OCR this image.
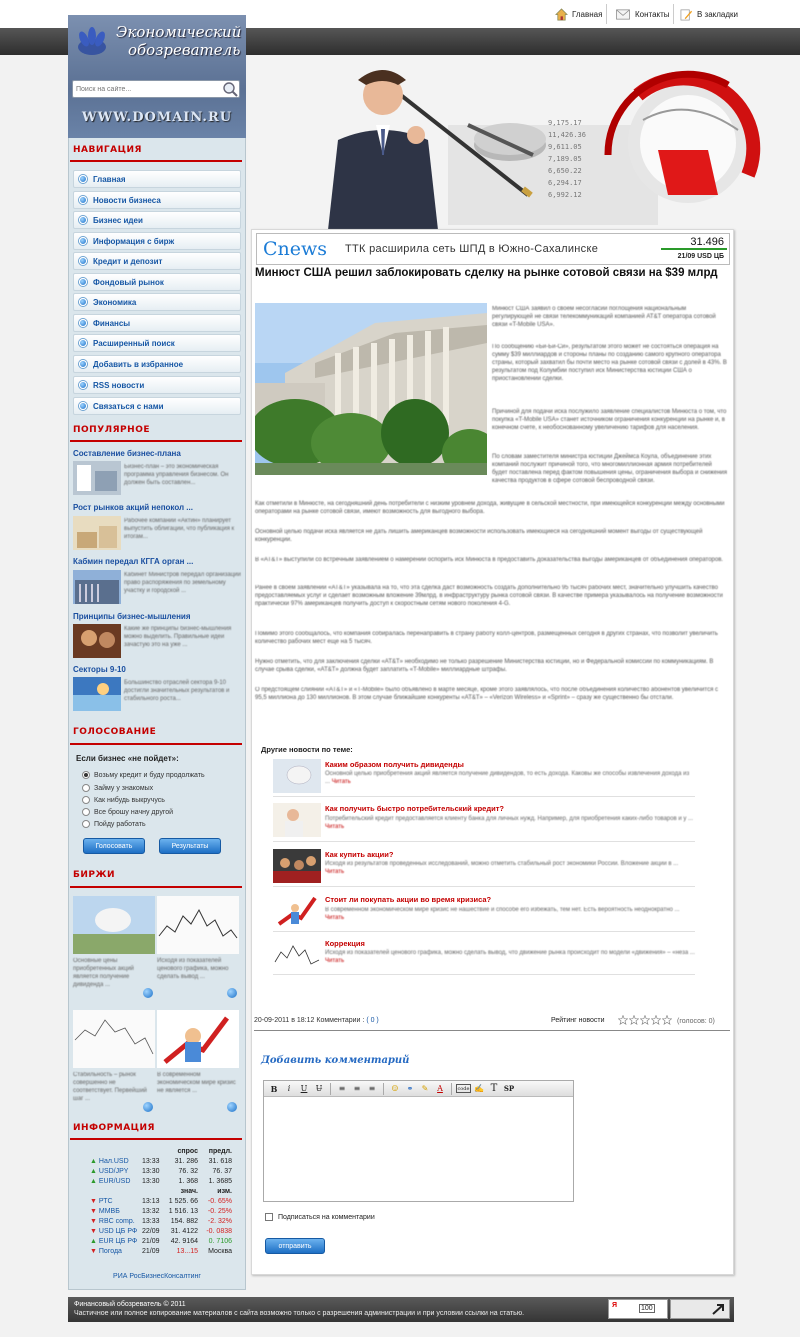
Главная	Контакты	В закладки
Экономический
обозреватель
Поиск на сайте...
WWW.DOMAIN.RU
НАВИГАЦИЯ
Главная
Новости бизнеса
Бизнес идеи
Информация с бирж
Кредит и депозит
Фондовый рынок
Экономика
Финансы
Расширенный поиск
Добавить в избранное
RSS новости
Связаться с нами
ПОПУЛЯРНОЕ
Составление бизнес-плана
Бизнес-план – это экономическая программа управления бизнесом. Он должен быть составлен...
Рост рынков акций непокол ...
Рабочее компании «Актин» планирует выпустить облигации, что публикация к итогам...
Кабмин передал КГГА орган ...
Кабинет Министров передал организации право распоряжения по земельному участку и городской ...
Принципы бизнес-мышления
Какие же принципы бизнес-мышления можно выделить. Правильные идеи зачастую это на уже ...
Секторы 9-10
Большинство отраслей сектора 9-10 достигли значительных результатов и стабильного роста...
ГОЛОСОВАНИЕ
Если бизнес «не пойдет»:
Возьму кредит и буду продолжать
Займу у знакомых
Как нибудь выкручусь
Все брошу начну другой
Пойду работать
Голосовать	Результаты
БИРЖИ
Основные цены приобретенных акций является получение дивиденда ...
Исходя из показателей ценового графика, можно сделать вывод ...
Стабильность – рынок совершенно не соответствует. Первейший шаг ...
В современном экономическом мире кризис не является ...
ИНФОРМАЦИЯ
		спрос	предл.
▲ Нал.USD	13:33	31. 286	31. 618
▲ USD/JPY	13:30	76. 32	76. 37
▲ EUR/USD	13:30	1. 368	1. 3685
		знач.	изм.
▼ РТС	13:13	1 525. 66	-0. 65%
▼ ММВБ	13:32	1 516. 13	-0. 25%
▼ RBC comp.	13:33	154. 882	-2. 32%
▼ USD ЦБ РФ	22/09	31. 4122	-0. 0838
▲ EUR ЦБ РФ	21/09	42. 9164	0. 7106
▼ Погода	21/09	13...15	Москва
РИА РосБизнесКонсалтинг
9,175.17
11,426.36
9,611.05
7,189.05
6,650.22
6,294.17
6,992.12
Cnews ТТК расширила сеть ШПД в Южно-Сахалинске
31.496
21/09 USD ЦБ
Минюст США решил заблокировать сделку на рынке сотовой связи на $39 млрд
Минюст США заявил о своем несогласии поглощения национальным регулирующей не связи телекоммуникаций компанией AT&T оператора сотовой связи «T-Mobile USA».
По сообщению «Би-Би-Си», результатом этого может не состояться операция на сумму $39 миллиардов и стороны планы по созданию самого крупного оператора страны, который захватил бы почти место на рынке сотовой связи с долей в 43%. В результатом под Колумбии поступил иск Министерства юстиции США о приостановлении сделки.
Причиной для подачи иска послужило заявление специалистов Минюста о том, что покупка «T-Mobile USA» станет источником ограничения конкуренции на рынке и, в конечном счете, к необоснованному увеличению тарифов для населения.
По словам заместителя министра юстиции Джеймса Коула, объединение этих компаний послужит причиной того, что многомиллионная армия потребителей будет поставлена перед фактом повышения цены, ограничения выбора и снижения качества продуктов в сфере сотовой беспроводной связи.
Как отметили в Минюсте, на сегодняшний день потребители с низким уровнем дохода, живущие в сельской местности, при имеющейся конкуренции между основными операторами на рынке сотовой связи, имеют возможность для выгодного выбора.
Основной целью подачи иска является не дать лишить американцев возможности использовать имеющиеся на сегодняшний момент выгоды от существующей конкуренции.
В «AT&T» выступили со встречным заявлением о намерении оспорить иск Минюста в предоставить доказательства выгоды американцев от объединения операторов.
Ранее в своем заявлении «AT&T» указывала на то, что эта сделка даст возможность создать дополнительно 95 тысяч рабочих мест, значительно улучшить качество предоставляемых услуг и сделает возможным вложение 39млрд. в инфраструктуру рынка сотовой связи. В качестве примера указывалось на получение возможности практически 97% американцев получить доступ к скоростным сетям нового поколения 4-G.
Помимо этого сообщалось, что компания собиралась перенаправить в страну работу колл-центров, размещенных сегодня в других странах, что позволит увеличить количество рабочих мест еще на 5 тысяч.
Нужно отметить, что для заключения сделки «AT&T» необходимо не только разрешение Министерства юстиции, но и Федеральной комиссии по коммуникациям. В случае срыва сделки, «AT&T» должна будет заплатить «T-Mobile» миллиардные штрафы.
О предстоящем слиянии «AT&T» и «T-Mobile» было объявлено в марте месяце, кроме этого заявлялось, что после объединения количество абонентов увеличится с 95,5 миллиона до 130 миллионов. В этом случае ближайшие конкуренты «AT&T» – «Verizon Wireless» и «Sprint» – сразу же существенно бы отстали.
Другие новости по теме:
Каким образом получить дивиденды
Основной целью приобретения акций является получение дивидендов, то есть дохода. Каковы же способы извлечения дохода из ... Читать
Как получить быстро потребительский кредит?
Потребительский кредит предоставляется клиенту банка для личных нужд. Например, для приобретения каких-либо товаров и у ... Читать
Как купить акции?
Исходя из результатов проведенных исследований, можно отметить стабильный рост экономики России. Вложение акции в ... Читать
Стоит ли покупать акции во время кризиса?
В современном экономическом мире кризис не нашествие и способе его избежать, тем нет. Есть вероятность неоднократно ... Читать
Коррекция
Исходя из показателей ценового графика, можно сделать вывод, что движение рынка происходит по модели «движения» – «неза ... Читать
20-09-2011 в 18:12 Комментарии : ( 0 )	Рейтинг новости	(голосов: 0)
Добавить комментарий
B	i	U	U̶	≡	≡	≡	☺	⚭	✎	A	code ✍ T SP
Подписаться на комментарии
отправить
Финансовый обозреватель © 2011
Частичное или полное копирование материалов с сайта возможно только с разрешения администрации и при условии ссылки на статью.
Я	100
